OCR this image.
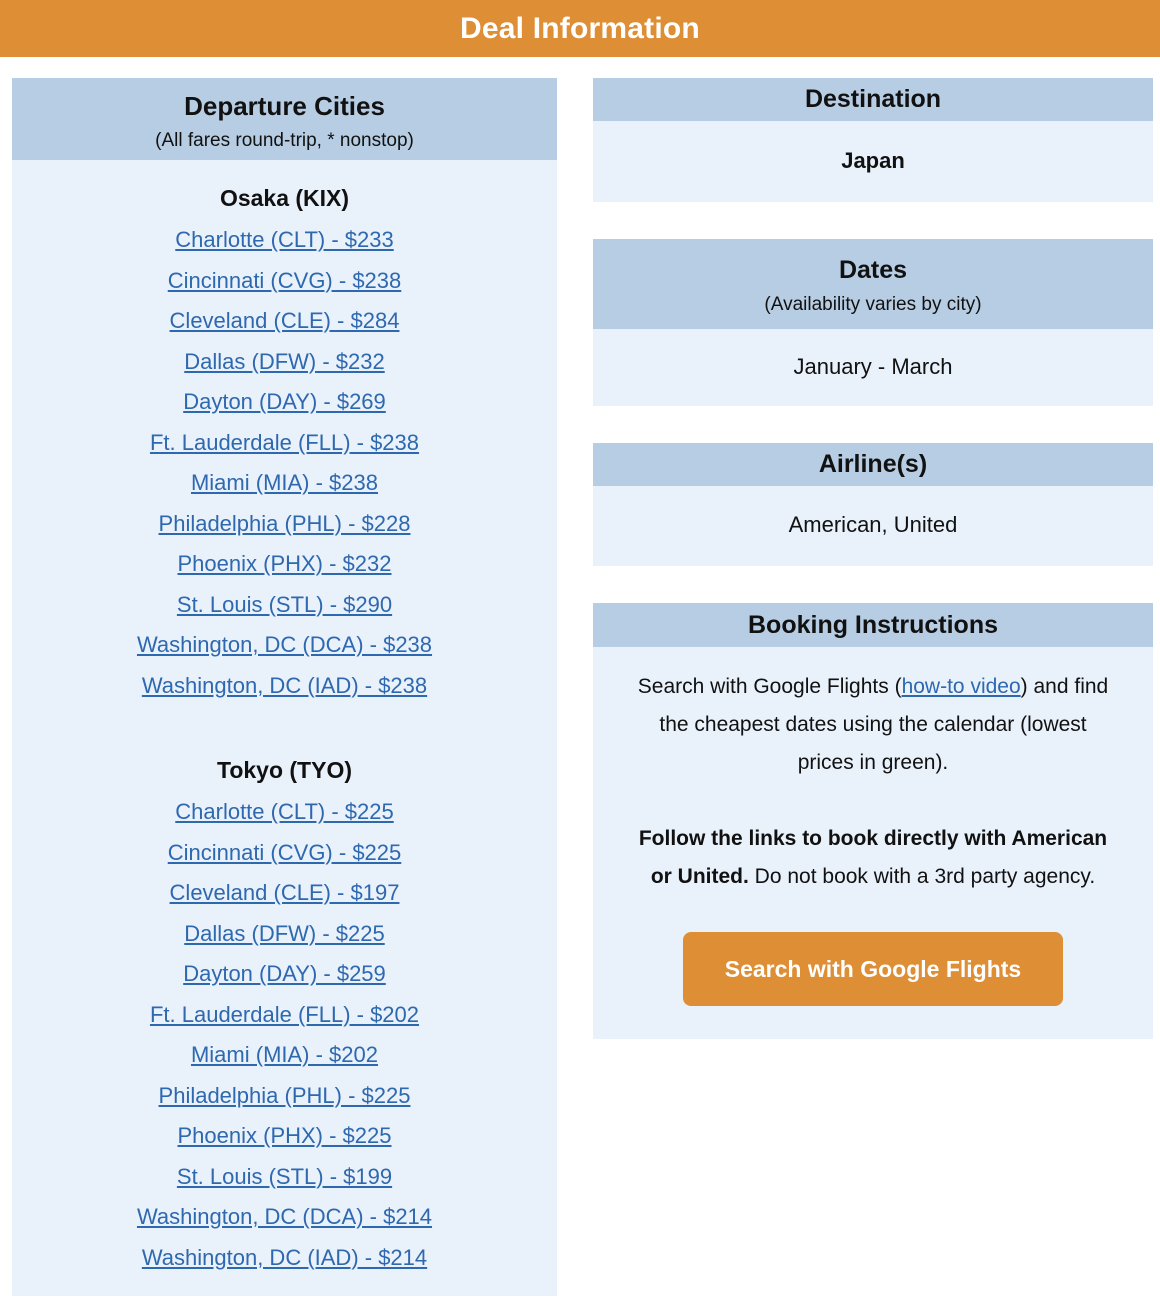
Deal Information

Departure Cities

(All fares round-trip, * nonstop)

Osaka (KIX)

Charlotte (CLT) - $233

Cincinnati (CVG) - $238

Cleveland (CLE) - $284

Dallas (DFW) - $232

Dayton (DAY) - $269

Ft. Lauderdale (FLL) - $238

Miami (MIA) - $238

Philadelphia (PHL) - $228

Phoenix (PHX) - $232

St. Louis (STL) - $290

Washington, DC (DCA) - $238

Washington, DC (IAD) - $238

Tokyo (TYO)

Charlotte (CLT) - $225

Cincinnati (CVG) - $225

Cleveland (CLE) - $197

Dallas (DFW) - $225

Dayton (DAY) - $259

Ft. Lauderdale (FLL) - $202

Miami (MIA) - $202

Philadelphia (PHL) - $225

Phoenix (PHX) - $225

St. Louis (STL) - $199

Washington, DC (DCA) - $214

Washington, DC (IAD) - $214

Destination

Japan

Dates

(Availability varies by city)

January - March

Airline(s)

American, United

Booking Instructions

Search with Google Flights (how-to video) and find the cheapest dates using the calendar (lowest prices in green).

Follow the links to book directly with American or United. Do not book with a 3rd party agency.

Search with Google Flights
